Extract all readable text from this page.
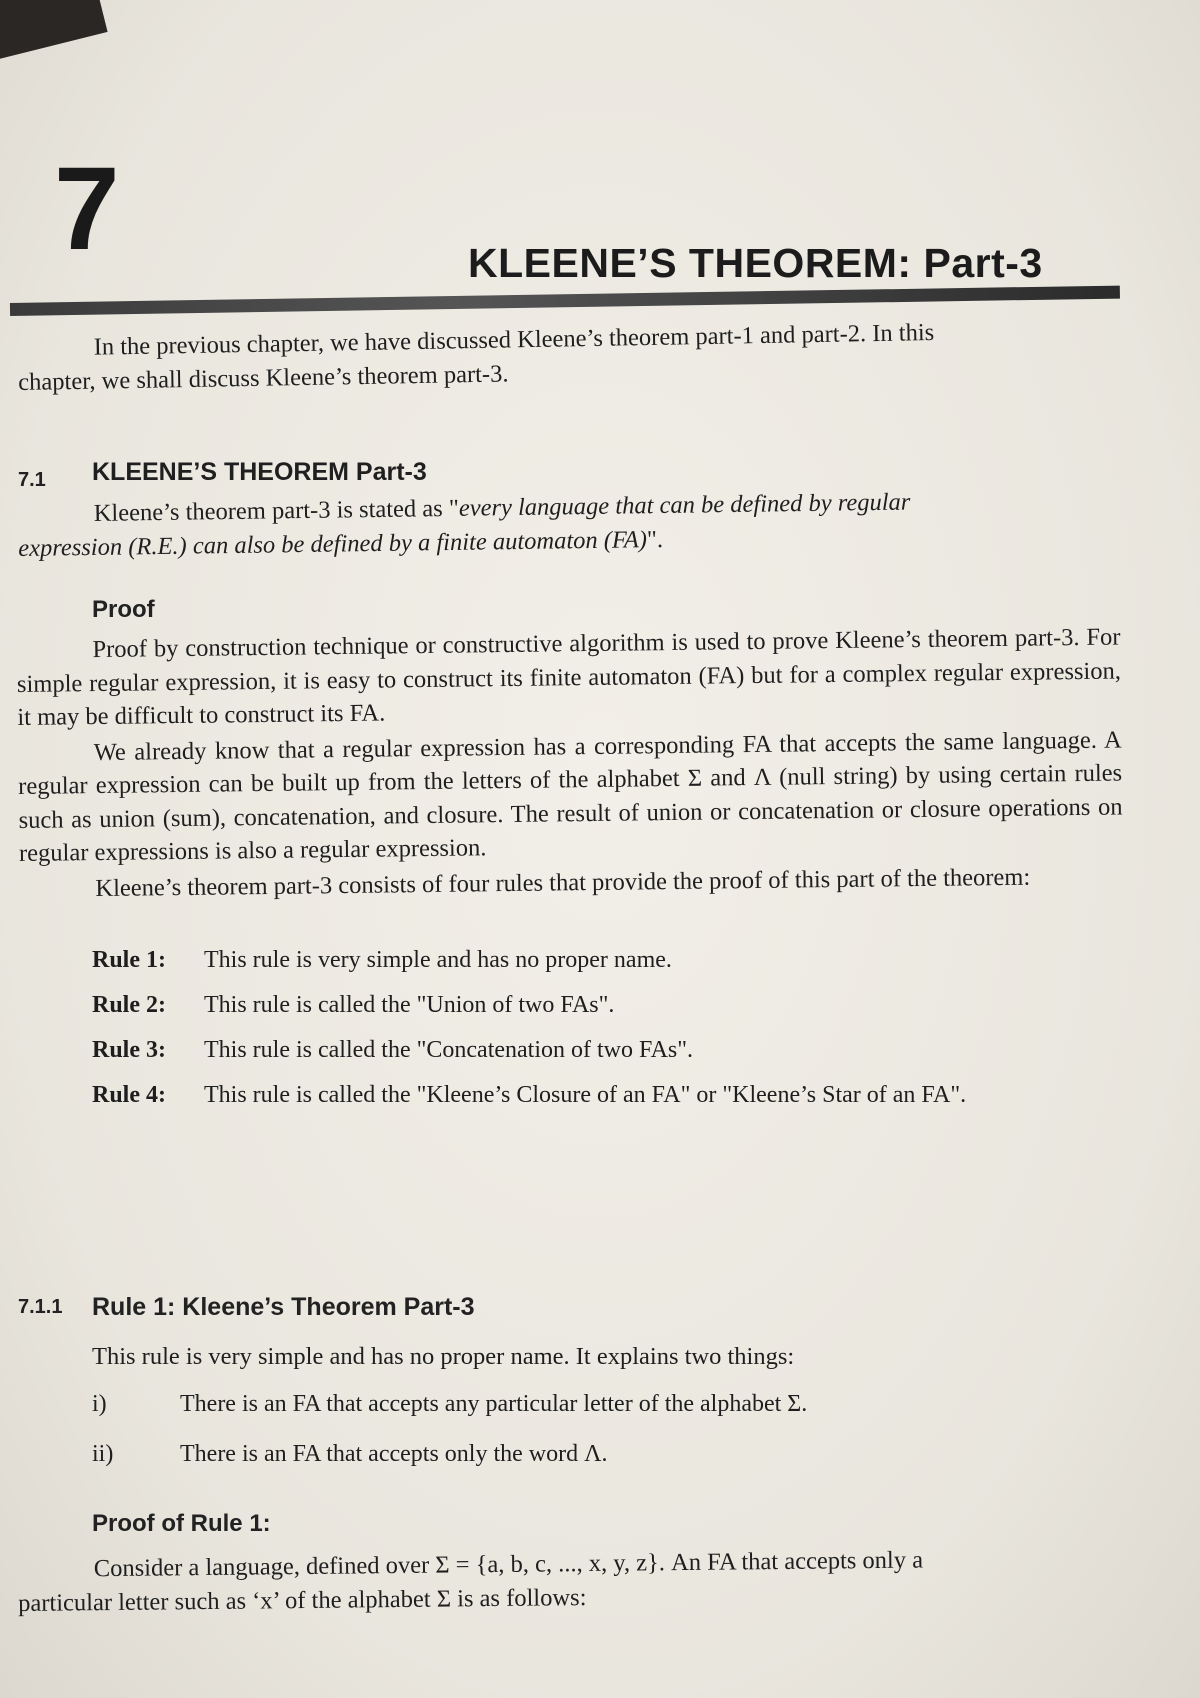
7	KLEENE’S THEOREM: Part-3

In the previous chapter, we have discussed Kleene’s theorem part-1 and part-2. In this

chapter, we shall discuss Kleene’s theorem part-3.

7.1 KLEENE’S THEOREM Part-3

Kleene’s theorem part-3 is stated as "every language that can be defined by regular

expression (R.E.) can also be defined by a finite automaton (FA)".

Proof

Proof by construction technique or constructive algorithm is used to prove Kleene’s theorem part-3. For simple regular expression, it is easy to construct its finite automaton (FA) but for a complex regular expression, it may be difficult to construct its FA.

We already know that a regular expression has a corresponding FA that accepts the same language. A regular expression can be built up from the letters of the alphabet Σ and Λ (null string) by using certain rules such as union (sum), concatenation, and closure. The result of union or concatenation or closure operations on regular expressions is also a regular expression.

Kleene’s theorem part-3 consists of four rules that provide the proof of this part of the theorem:

Rule 1: This rule is very simple and has no proper name.
Rule 2: This rule is called the "Union of two FAs".
Rule 3: This rule is called the "Concatenation of two FAs".
Rule 4: This rule is called the "Kleene’s Closure of an FA" or "Kleene’s Star of an FA".
7.1.1 Rule 1: Kleene’s Theorem Part-3
This rule is very simple and has no proper name. It explains two things:
i)	There is an FA that accepts any particular letter of the alphabet Σ.
ii)	There is an FA that accepts only the word Λ.
Proof of Rule 1:

Consider a language, defined over Σ = {a, b, c, ..., x, y, z}. An FA that accepts only a

particular letter such as ‘x’ of the alphabet Σ is as follows:
